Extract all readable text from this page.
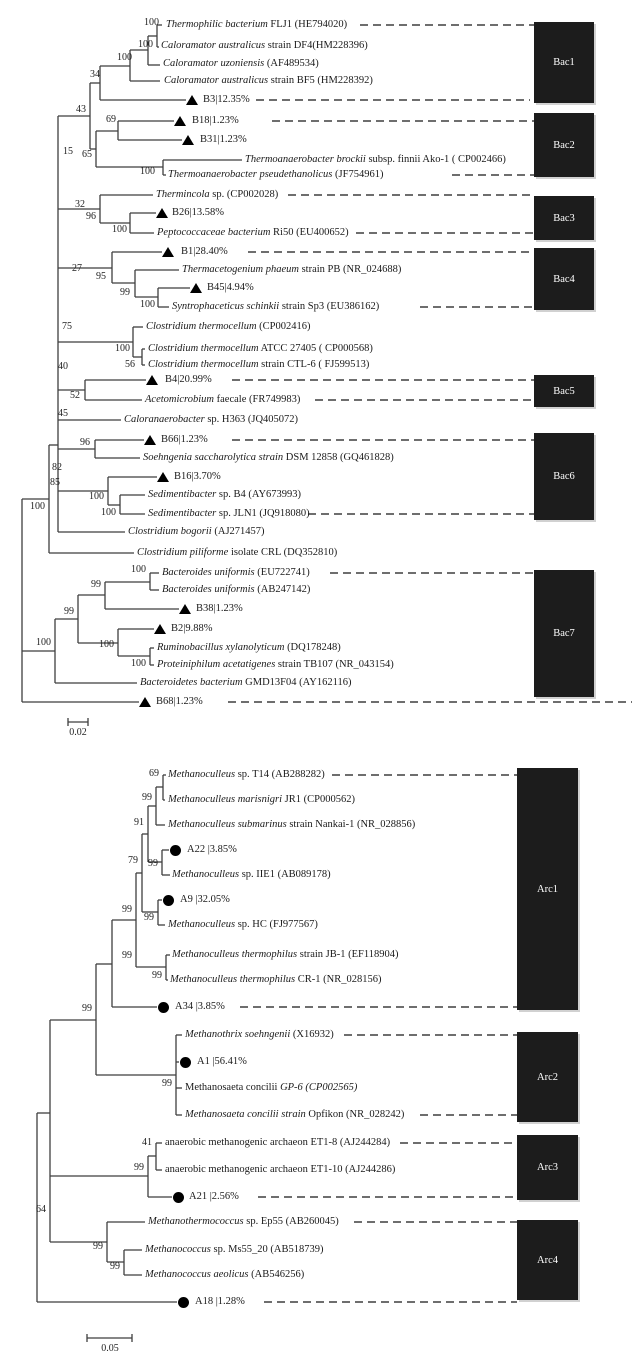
Thermophilic bacterium FLJ1 (HE794020)
Caloramator australicus strain DF4(HM228396)
Caloramator uzoniensis (AF489534)
Caloramator australicus strain BF5 (HM228392)
B3|12.35%
B18|1.23%
B31|1.23%
Thermoanaerobacter brockii subsp. finnii Ako-1 ( CP002466)
Thermoanaerobacter pseudethanolicus (JF754961)
Thermincola sp. (CP002028)
B26|13.58%
Peptococcaceae bacterium Ri50 (EU400652)
B1|28.40%
Thermacetogenium phaeum strain PB (NR_024688)
B45|4.94%
Syntrophaceticus schinkii strain Sp3 (EU386162)
Clostridium thermocellum (CP002416)
Clostridium thermocellum ATCC 27405 ( CP000568)
Clostridium thermocellum strain CTL-6 ( FJ599513)
B4|20.99%
Acetomicrobium faecale (FR749983)
Caloranaerobacter sp. H363 (JQ405072)
B66|1.23%
Soehngenia saccharolytica strain DSM 12858 (GQ461828)
B16|3.70%
Sedimentibacter sp. B4 (AY673993)
Sedimentibacter sp. JLN1 (JQ918080)
Clostridium bogorii (AJ271457)
Clostridium piliforme isolate CRL (DQ352810)
Bacteroides uniformis (EU722741)
Bacteroides uniformis (AB247142)
B38|1.23%
B2|9.88%
Ruminobacillus xylanolyticum (DQ178248)
Proteiniphilum acetatigenes strain TB107 (NR_043154)
Bacteroidetes bacterium GMD13F04 (AY162116)
B68|1.23%
100
100
100
34
43
69
15 65
100
32
96
100
27
95
99
100
75
100
56
40
52
45
96
82
85
100
100
100
100
99
99
100
100
100
Bac1
Bac2
Bac3
Bac4
Bac5
Bac6
Bac7
0.02
Methanoculleus sp. T14 (AB288282)
Methanoculleus marisnigri JR1 (CP000562)
Methanoculleus submarinus strain Nankai-1 (NR_028856)
A22 |3.85%
Methanoculleus sp. IIE1 (AB089178)
A9 |32.05%
Methanoculleus sp. HC (FJ977567)
Methanoculleus thermophilus strain JB-1 (EF118904)
Methanoculleus thermophilus CR-1 (NR_028156)
A34 |3.85%
Methanothrix soehngenii (X16932)
A1 |56.41%
Methanosaeta concilii GP-6 (CP002565)
Methanosaeta concilii strain Opfikon (NR_028242)
anaerobic methanogenic archaeon ET1-8 (AJ244284)
anaerobic methanogenic archaeon ET1-10 (AJ244286)
A21 |2.56%
Methanothermococcus sp. Ep55 (AB260045)
Methanococcus sp. Ms55_20 (AB518739)
Methanococcus aeolicus (AB546256)
A18 |1.28%
69
99
91
99
79
99
99
99
99
99
99
41
99
64
99
99
Arc1
Arc2
Arc3
Arc4
0.05
